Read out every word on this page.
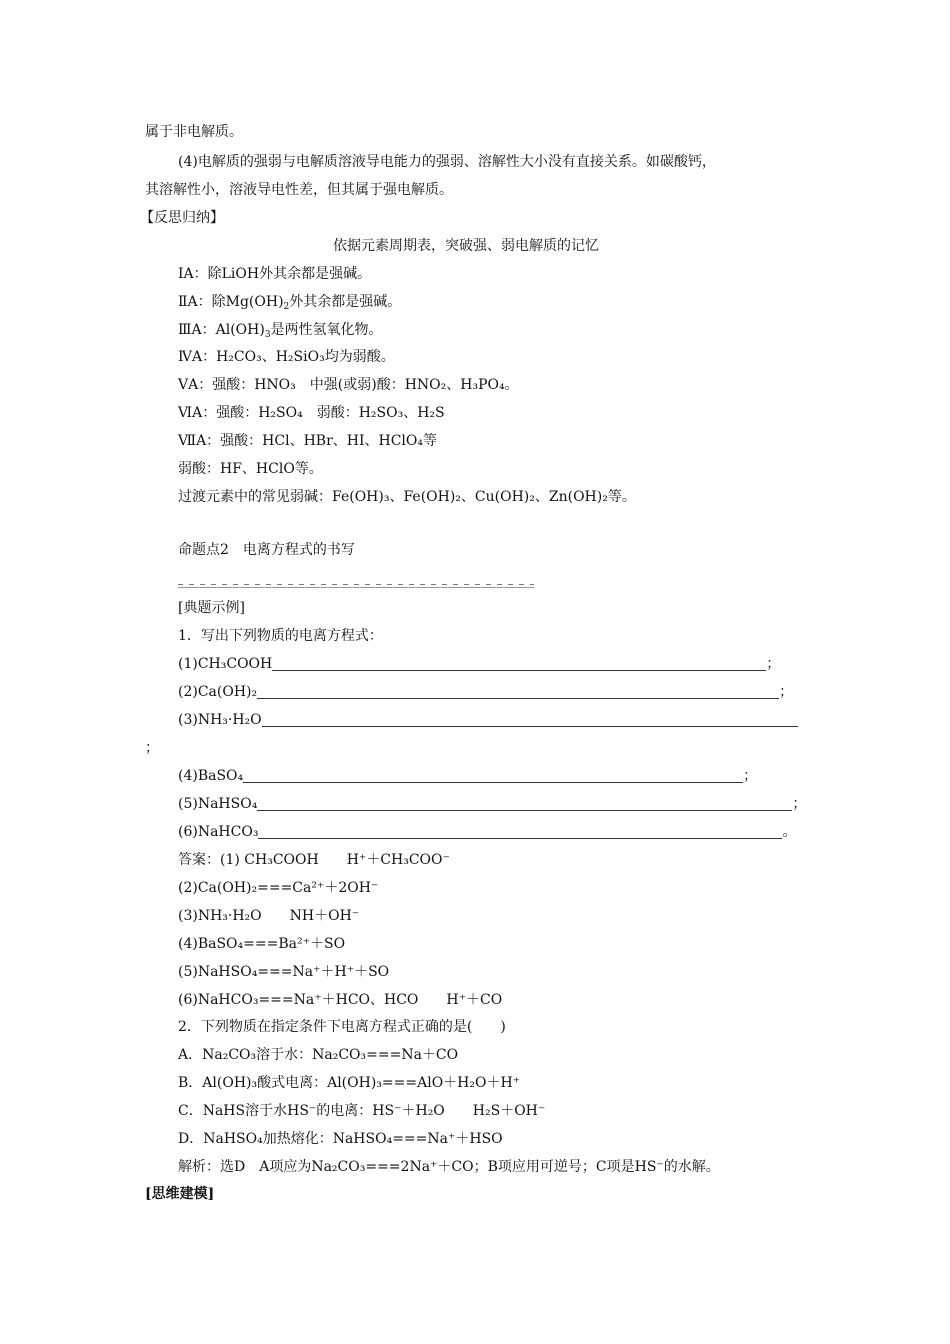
属于非电解质。
(4)电解质的强弱与电解质溶液导电能力的强弱、溶解性大小没有直接关系。如碳酸钙，
其溶解性小，溶液导电性差，但其属于强电解质。
【反思归纳】
依据元素周期表，突破强、弱电解质的记忆
ⅠA：除LiOH外其余都是强碱。
ⅡA：除$Mg(OH)_2$外其余都是强碱。
ⅢA：$Al(OH)_3$是两性氢氧化物。
ⅣA：H₂CO₃、H₂SiO₃均为弱酸。
ⅤA：强酸：HNO₃　中强(或弱)酸：HNO₂、H₃PO₄。
ⅥA：强酸：H₂SO₄　弱酸：H₂SO₃、H₂S
ⅦA：强酸：HCl、HBr、HI、HClO₄等
弱酸：HF、HClO等。
过渡元素中的常见弱碱：Fe(OH)₃、Fe(OH)₂、Cu(OH)₂、Zn(OH)₂等。
命题点2　电离方程式的书写
[典题示例]
1．写出下列物质的电离方程式：
(1)CH₃COOH	；
(2)Ca(OH)₂	；
(3)NH₃·H₂O
；
(4)BaSO₄	；
(5)NaHSO₄	；
(6)NaHCO₃	。
答案：(1) CH₃COOH　　H⁺＋CH₃COO⁻
(2)Ca(OH)₂===Ca²⁺＋2OH⁻
(3)NH₃·H₂O　　NH＋OH⁻
(4)BaSO₄===Ba²⁺＋SO
(5)NaHSO₄===Na⁺＋H⁺＋SO
(6)NaHCO₃===Na⁺＋HCO、HCO　　H⁺＋CO
2．下列物质在指定条件下电离方程式正确的是(　　)
A．Na₂CO₃溶于水：Na₂CO₃===Na＋CO
B．Al(OH)₃酸式电离：Al(OH)₃===AlO＋H₂O＋H⁺
C．NaHS溶于水HS⁻的电离：HS⁻＋H₂O　　H₂S＋OH⁻
D．NaHSO₄加热熔化：NaHSO₄===Na⁺＋HSO
解析：选D　A项应为Na₂CO₃===2Na⁺＋CO；B项应用可逆号；C项是HS⁻的水解。
[思维建模]
